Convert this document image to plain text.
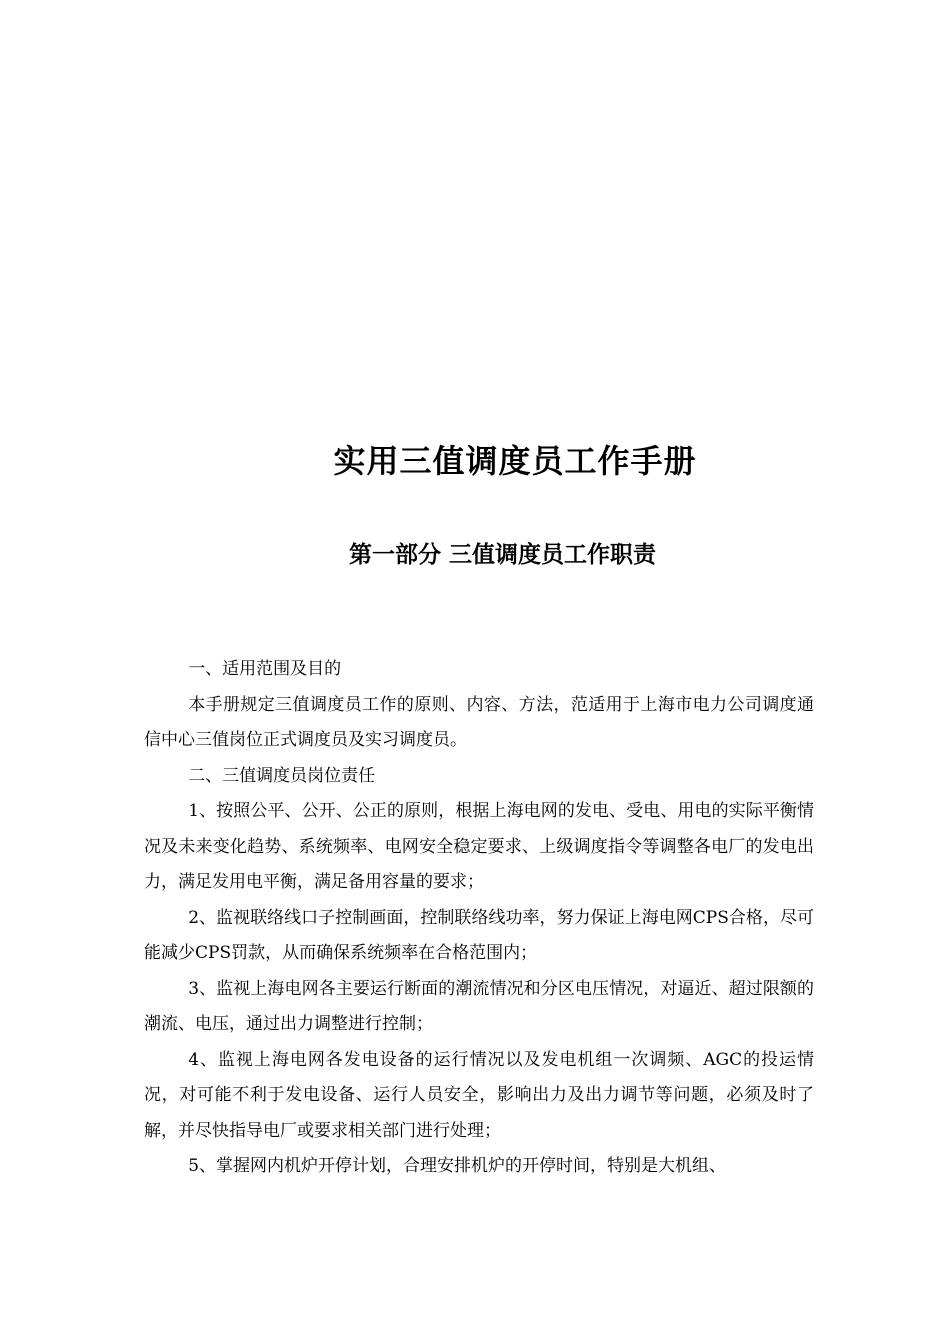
实用三值调度员工作手册
第一部分 三值调度员工作职责

一、适用范围及目的

本手册规定三值调度员工作的原则、内容、方法，范适用于上海市电力公司调度通信中心三值岗位正式调度员及实习调度员。

二、三值调度员岗位责任

1、按照公平、公开、公正的原则，根据上海电网的发电、受电、用电的实际平衡情况及未来变化趋势、系统频率、电网安全稳定要求、上级调度指令等调整各电厂的发电出力，满足发用电平衡，满足备用容量的要求；

2、监视联络线口子控制画面，控制联络线功率，努力保证上海电网CPS合格，尽可能减少CPS罚款，从而确保系统频率在合格范围内；

3、监视上海电网各主要运行断面的潮流情况和分区电压情况，对逼近、超过限额的潮流、电压，通过出力调整进行控制；

4、监视上海电网各发电设备的运行情况以及发电机组一次调频、AGC的投运情况，对可能不利于发电设备、运行人员安全，影响出力及出力调节等问题，必须及时了解，并尽快指导电厂或要求相关部门进行处理；

5、掌握网内机炉开停计划，合理安排机炉的开停时间，特别是大机组、
